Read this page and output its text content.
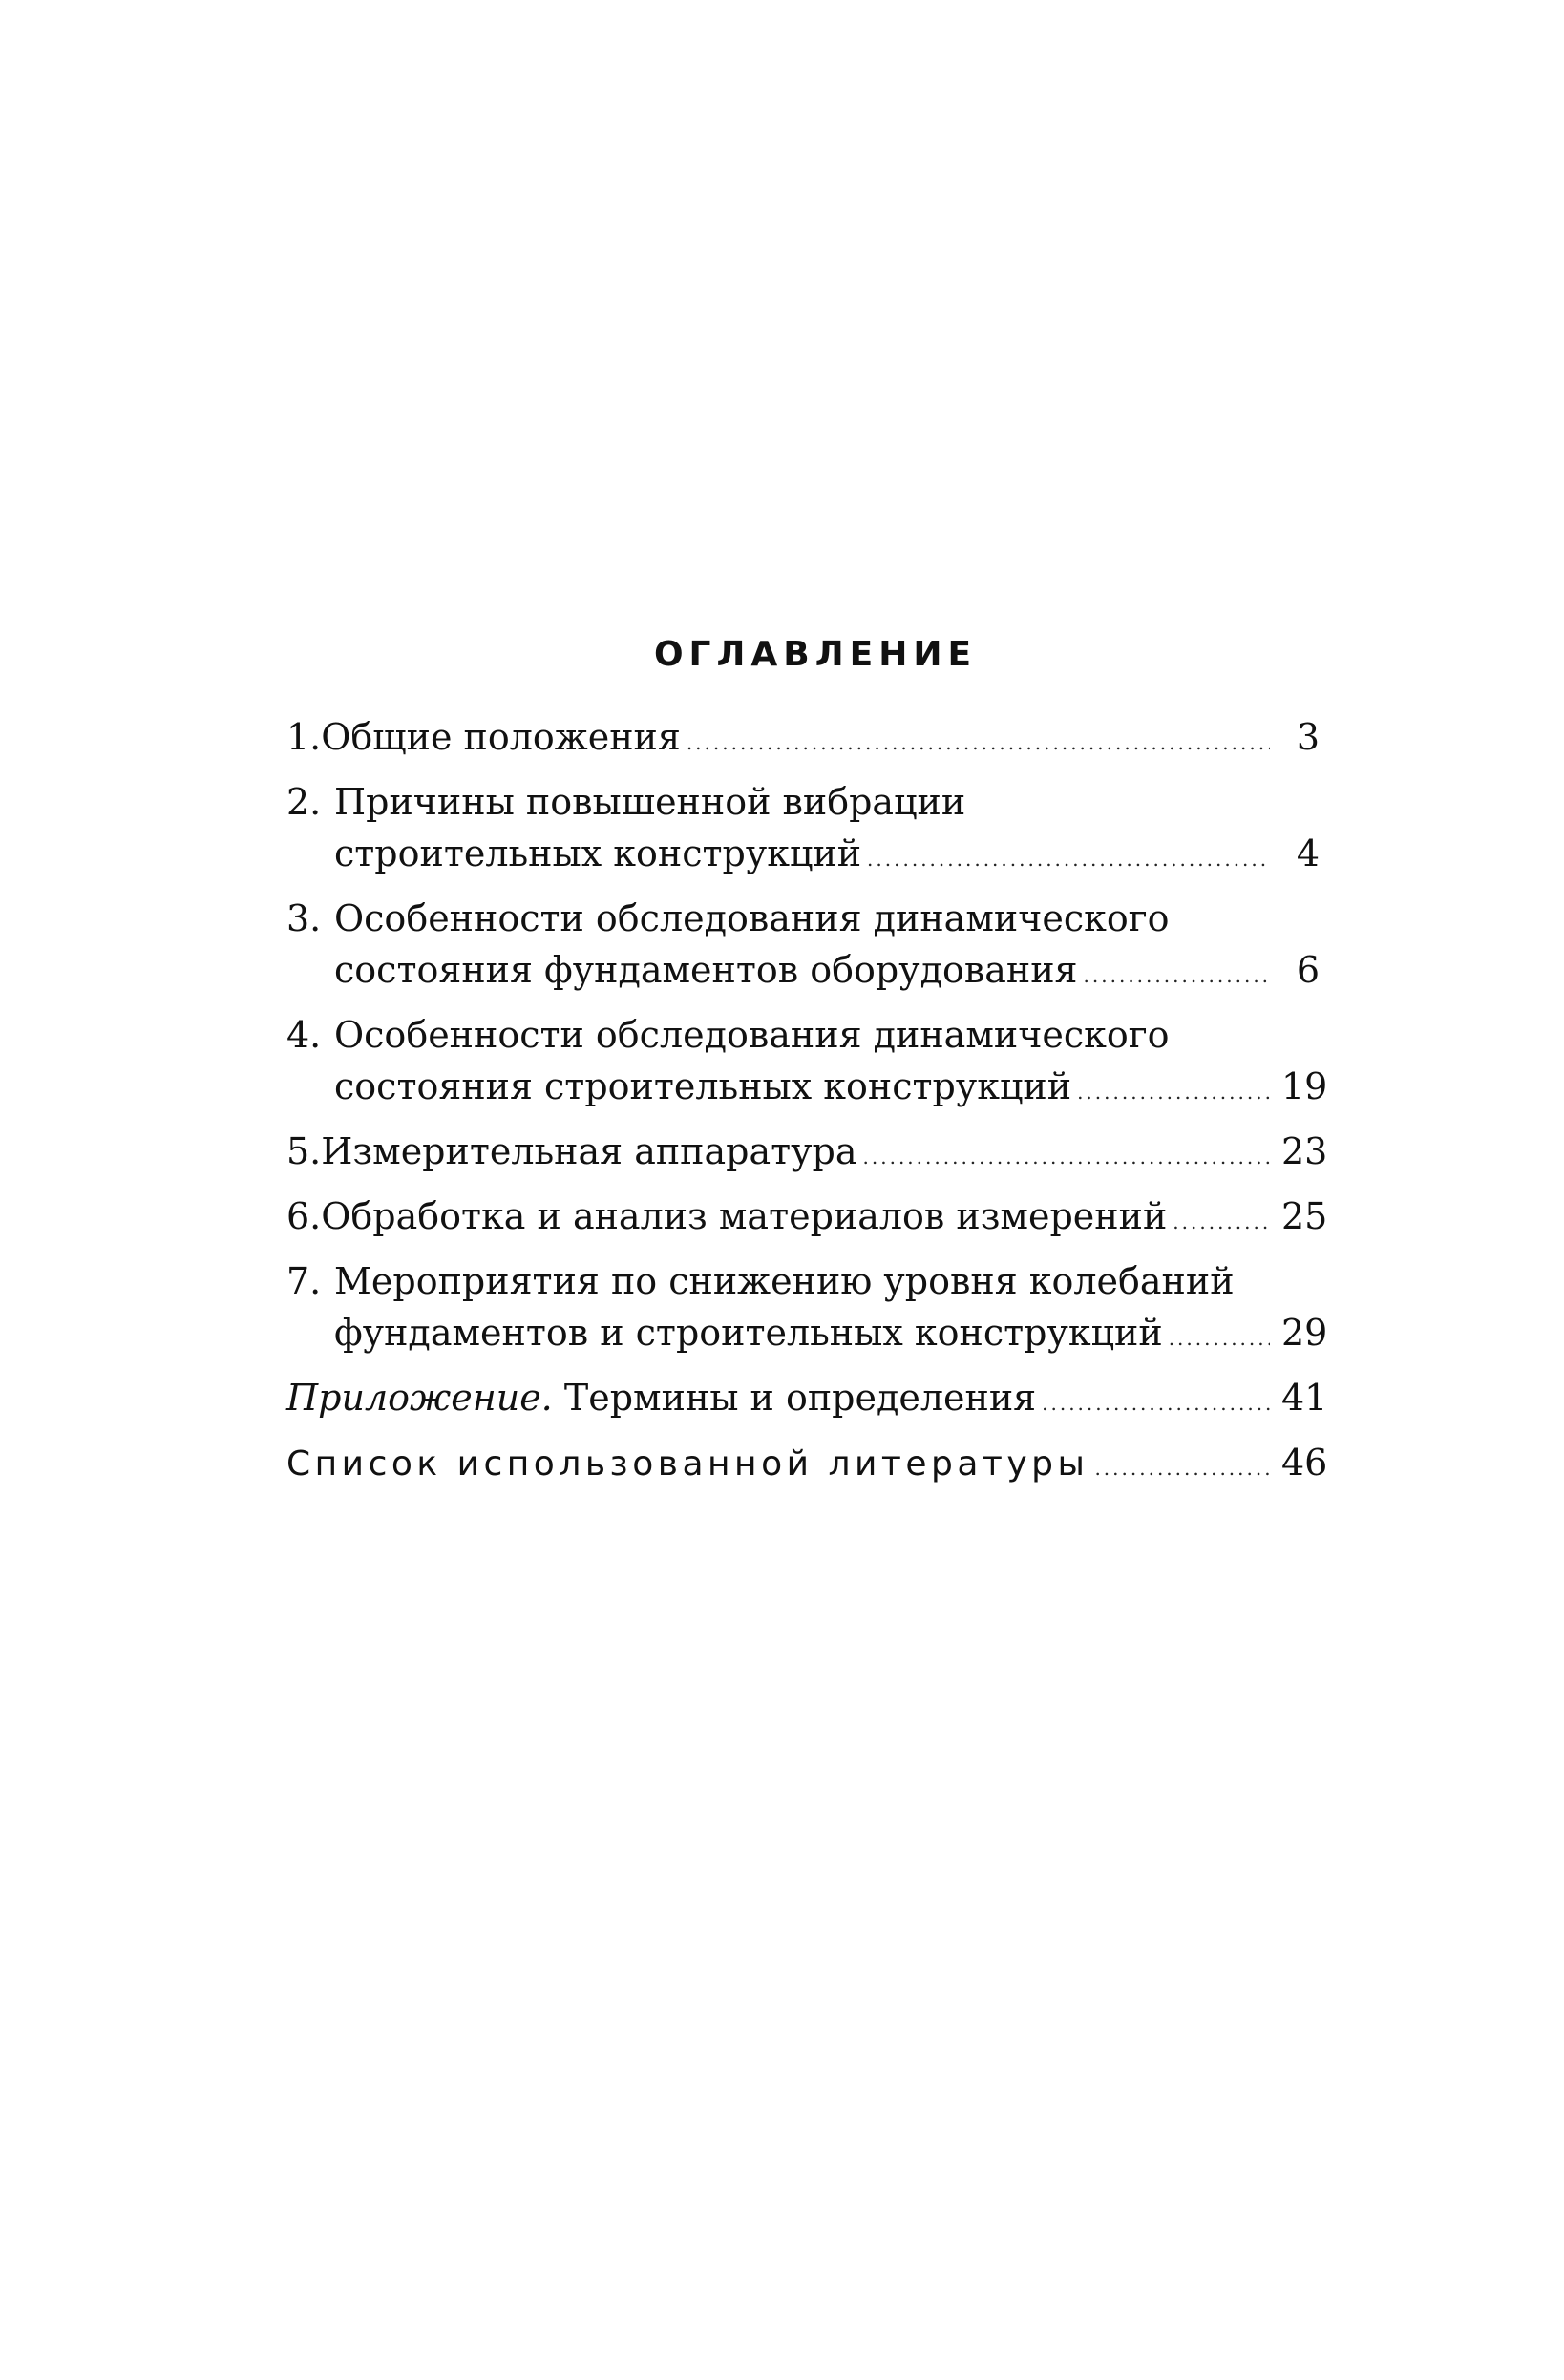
ОГЛАВЛЕНИЕ
1. Общие положения .....	3
2. Причины повышенной вибрации
строительных конструкций .....	4
3. Особенности обследования динамического
состояния фундаментов оборудования .....	6
4. Особенности обследования динамического
состояния строительных конструкций .....	19
5. Измерительная аппаратура .....	23
6. Обработка и анализ материалов измерений .....	25
7. Мероприятия по снижению уровня колебаний
фундаментов и строительных конструкций .....	29
Приложение.
Термины и определения .....	41
Список использованной литературы .....	46
